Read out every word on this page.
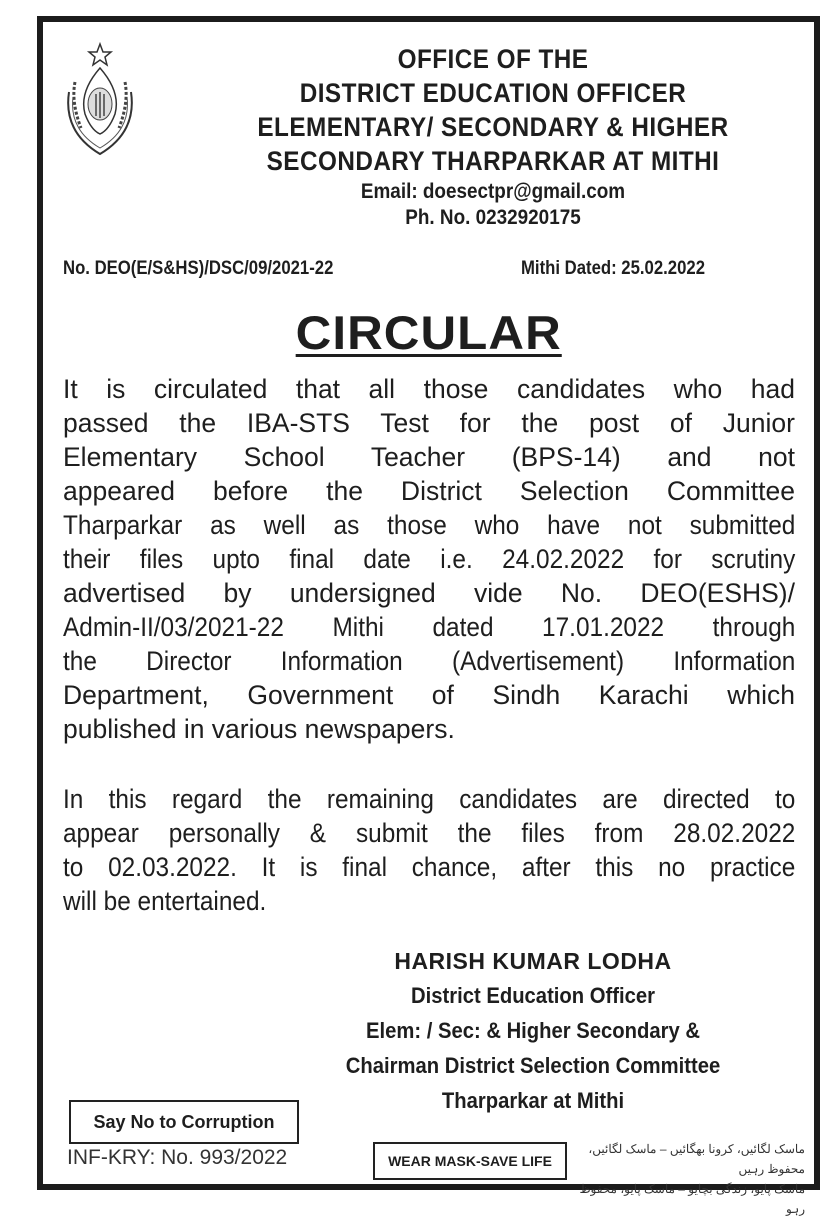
OFFICE OF THE
DISTRICT EDUCATION OFFICER
ELEMENTARY/ SECONDARY & HIGHER
SECONDARY THARPARKAR AT MITHI
Email: doesectpr@gmail.com
Ph. No. 0232920175
No. DEO(E/S&HS)/DSC/09/2021-22	Mithi Dated: 25.02.2022
CIRCULAR
It is circulated that all those candidates who had
passed the IBA-STS Test for the post of Junior
Elementary School Teacher (BPS-14) and not
appeared before the District Selection Committee
Tharparkar as well as those who have not submitted
their files upto final date i.e. 24.02.2022 for scrutiny
advertised by undersigned vide No. DEO(ESHS)/
Admin-II/03/2021-22 Mithi dated 17.01.2022 through
the Director Information (Advertisement) Information
Department, Government of Sindh Karachi which
published in various newspapers.
In this regard the remaining candidates are directed to
appear personally & submit the files from 28.02.2022
to 02.03.2022. It is final chance, after this no practice
will be entertained.
HARISH KUMAR LODHA
District Education Officer
Elem: / Sec: & Higher Secondary &
Chairman District Selection Committee
Tharparkar at Mithi
Say No to Corruption
INF-KRY: No. 993/2022	WEAR MASK-SAVE LIFE
ماسک لگائیں، کرونا بھگائیں – ماسک لگائیں، محفوظ رہیں
ماسک پایو، زندگی بچایو – ماسک پایو، محفوظ رہو
